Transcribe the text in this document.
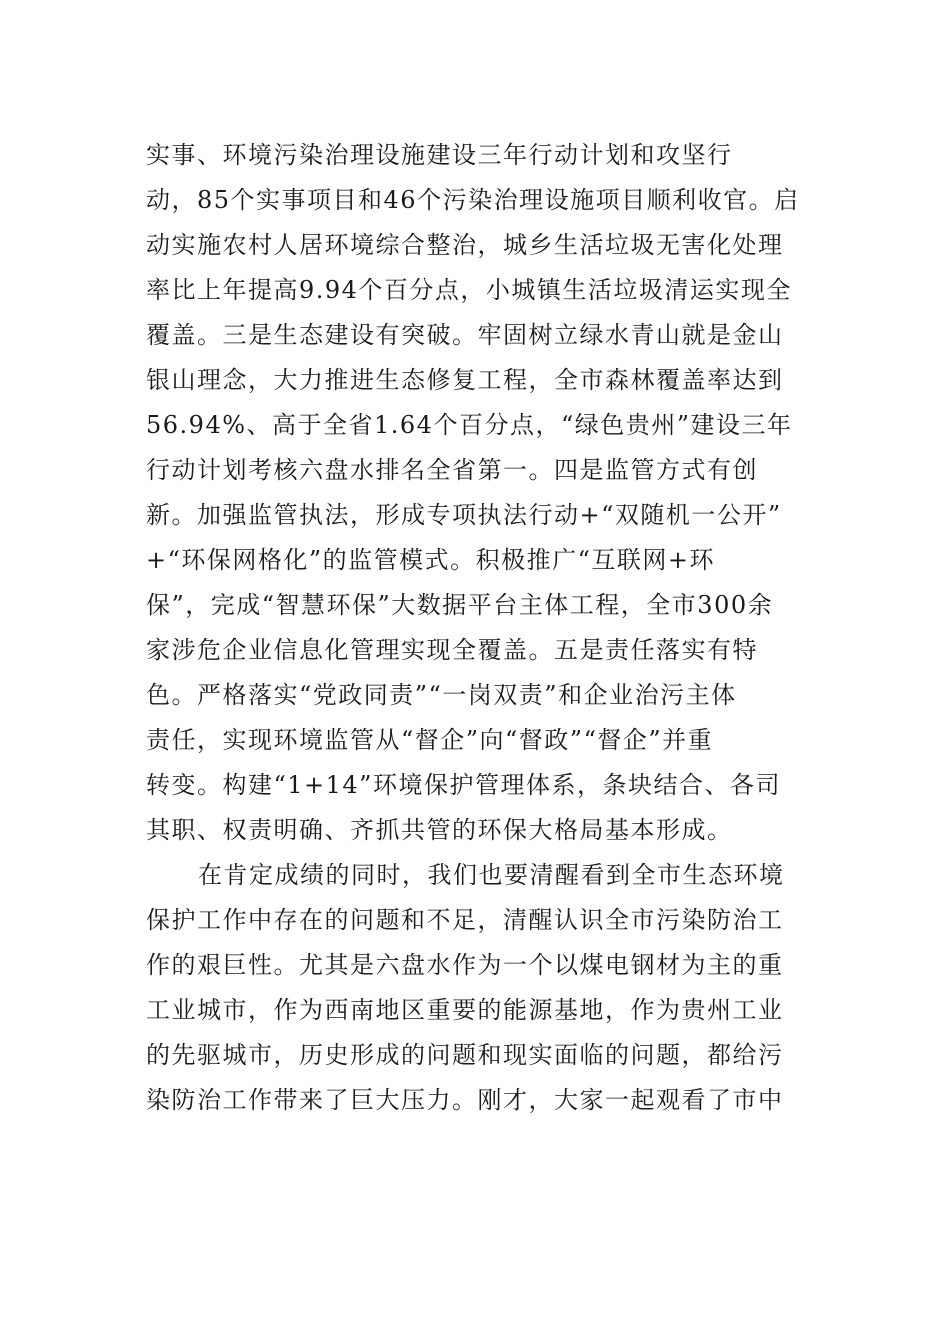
实事、环境污染治理设施建设三年行动计划和攻坚行
动，85个实事项目和46个污染治理设施项目顺利收官。启
动实施农村人居环境综合整治，城乡生活垃圾无害化处理
率比上年提高9.94个百分点，小城镇生活垃圾清运实现全
覆盖。三是生态建设有突破。牢固树立绿水青山就是金山
银山理念，大力推进生态修复工程，全市森林覆盖率达到
56.94%、高于全省1.64个百分点，“绿色贵州”建设三年
行动计划考核六盘水排名全省第一。四是监管方式有创
新。加强监管执法，形成专项执法行动+“双随机一公开”
+“环保网格化”的监管模式。积极推广“互联网+环
保”，完成“智慧环保”大数据平台主体工程，全市300余
家涉危企业信息化管理实现全覆盖。五是责任落实有特
色。严格落实“党政同责”“一岗双责”和企业治污主体
责任，实现环境监管从“督企”向“督政”“督企”并重
转变。构建“1+14”环境保护管理体系，条块结合、各司
其职、权责明确、齐抓共管的环保大格局基本形成。
在肯定成绩的同时，我们也要清醒看到全市生态环境
保护工作中存在的问题和不足，清醒认识全市污染防治工
作的艰巨性。尤其是六盘水作为一个以煤电钢材为主的重
工业城市，作为西南地区重要的能源基地，作为贵州工业
的先驱城市，历史形成的问题和现实面临的问题，都给污
染防治工作带来了巨大压力。刚才，大家一起观看了市中
